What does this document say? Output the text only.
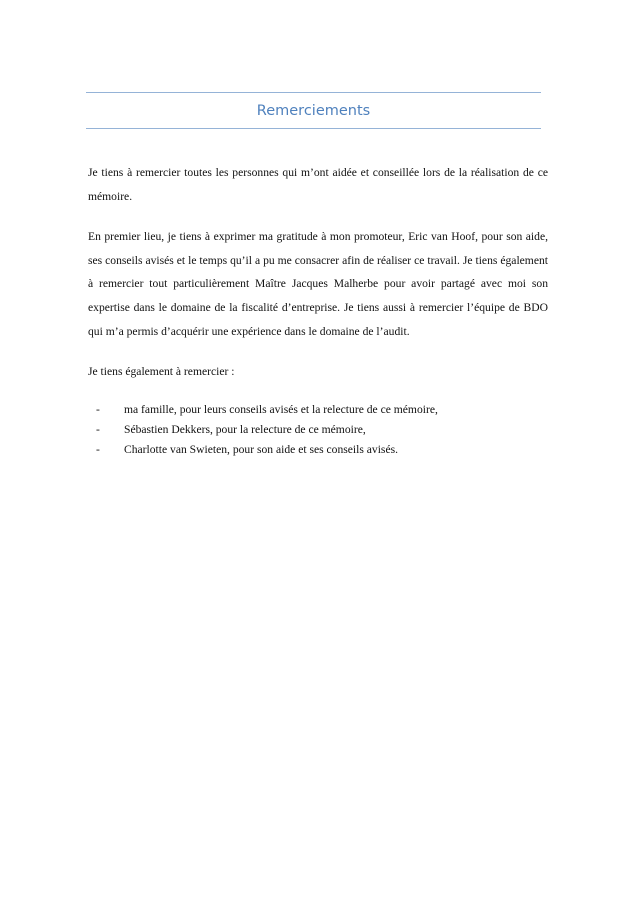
Remerciements

Je tiens à remercier toutes les personnes qui m’ont aidée et conseillée lors de la réalisation de ce mémoire.

En premier lieu, je tiens à exprimer ma gratitude à mon promoteur, Eric van Hoof, pour son aide, ses conseils avisés et le temps qu’il a pu me consacrer afin de réaliser ce travail. Je tiens également à remercier tout particulièrement Maître Jacques Malherbe pour avoir partagé avec moi son expertise dans le domaine de la fiscalité d’entreprise. Je tiens aussi à remercier l’équipe de BDO qui m’a permis d’acquérir une expérience dans le domaine de l’audit.

Je tiens également à remercier :

- ma famille, pour leurs conseils avisés et la relecture de ce mémoire,
- Sébastien Dekkers, pour la relecture de ce mémoire,
- Charlotte van Swieten, pour son aide et ses conseils avisés.
